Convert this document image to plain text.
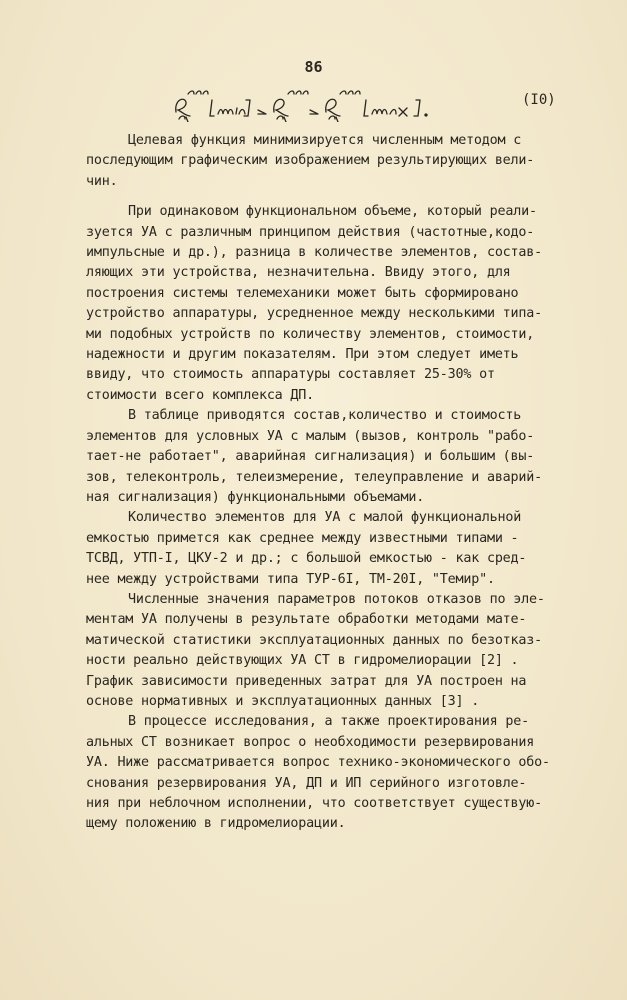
86
(I0)
Целевая функция минимизируется численным методом с
последующим графическим изображением результирующих вели-
чин.
При одинаковом функциональном объеме, который реали-
зуется УА с различным принципом действия (частотные,кодо-
импульсные и др.), разница в количестве элементов, состав-
ляющих эти устройства, незначительна. Ввиду этого, для
построения системы телемеханики может быть сформировано
устройство аппаратуры, усредненное между несколькими типа-
ми подобных устройств по количеству элементов, стоимости,
надежности и другим показателям. При этом следует иметь
ввиду, что стоимость аппаратуры составляет 25-30% от
стоимости всего комплекса ДП.
В таблице приводятся состав,количество и стоимость
элементов для условных УА с малым (вызов, контроль "рабо-
тает-не работает", аварийная сигнализация) и большим (вы-
зов, телеконтроль, телеизмерение, телеуправление и аварий-
ная сигнализация) функциональными объемами.
Количество элементов для УА с малой функциональной
емкостью примется как среднее между известными типами -
ТСВД, УТП-I, ЦКУ-2 и др.; с большой емкостью - как сред-
нее между устройствами типа ТУР-6I, ТМ-20I, "Темир".
Численные значения параметров потоков отказов по эле-
ментам УА получены в результате обработки методами мате-
матической статистики эксплуатационных данных по безотказ-
ности реально действующих УА СТ в гидромелиорации [2] .
График зависимости приведенных затрат для УА построен на
основе нормативных и эксплуатационных данных [3] .
В процессе исследования, а также проектирования ре-
альных СТ возникает вопрос о необходимости резервирования
УА. Ниже рассматривается вопрос технико-экономического обо-
снования резервирования УА, ДП и ИП серийного изготовле-
ния при неблочном исполнении, что соответствует существую-
щему положению в гидромелиорации.
